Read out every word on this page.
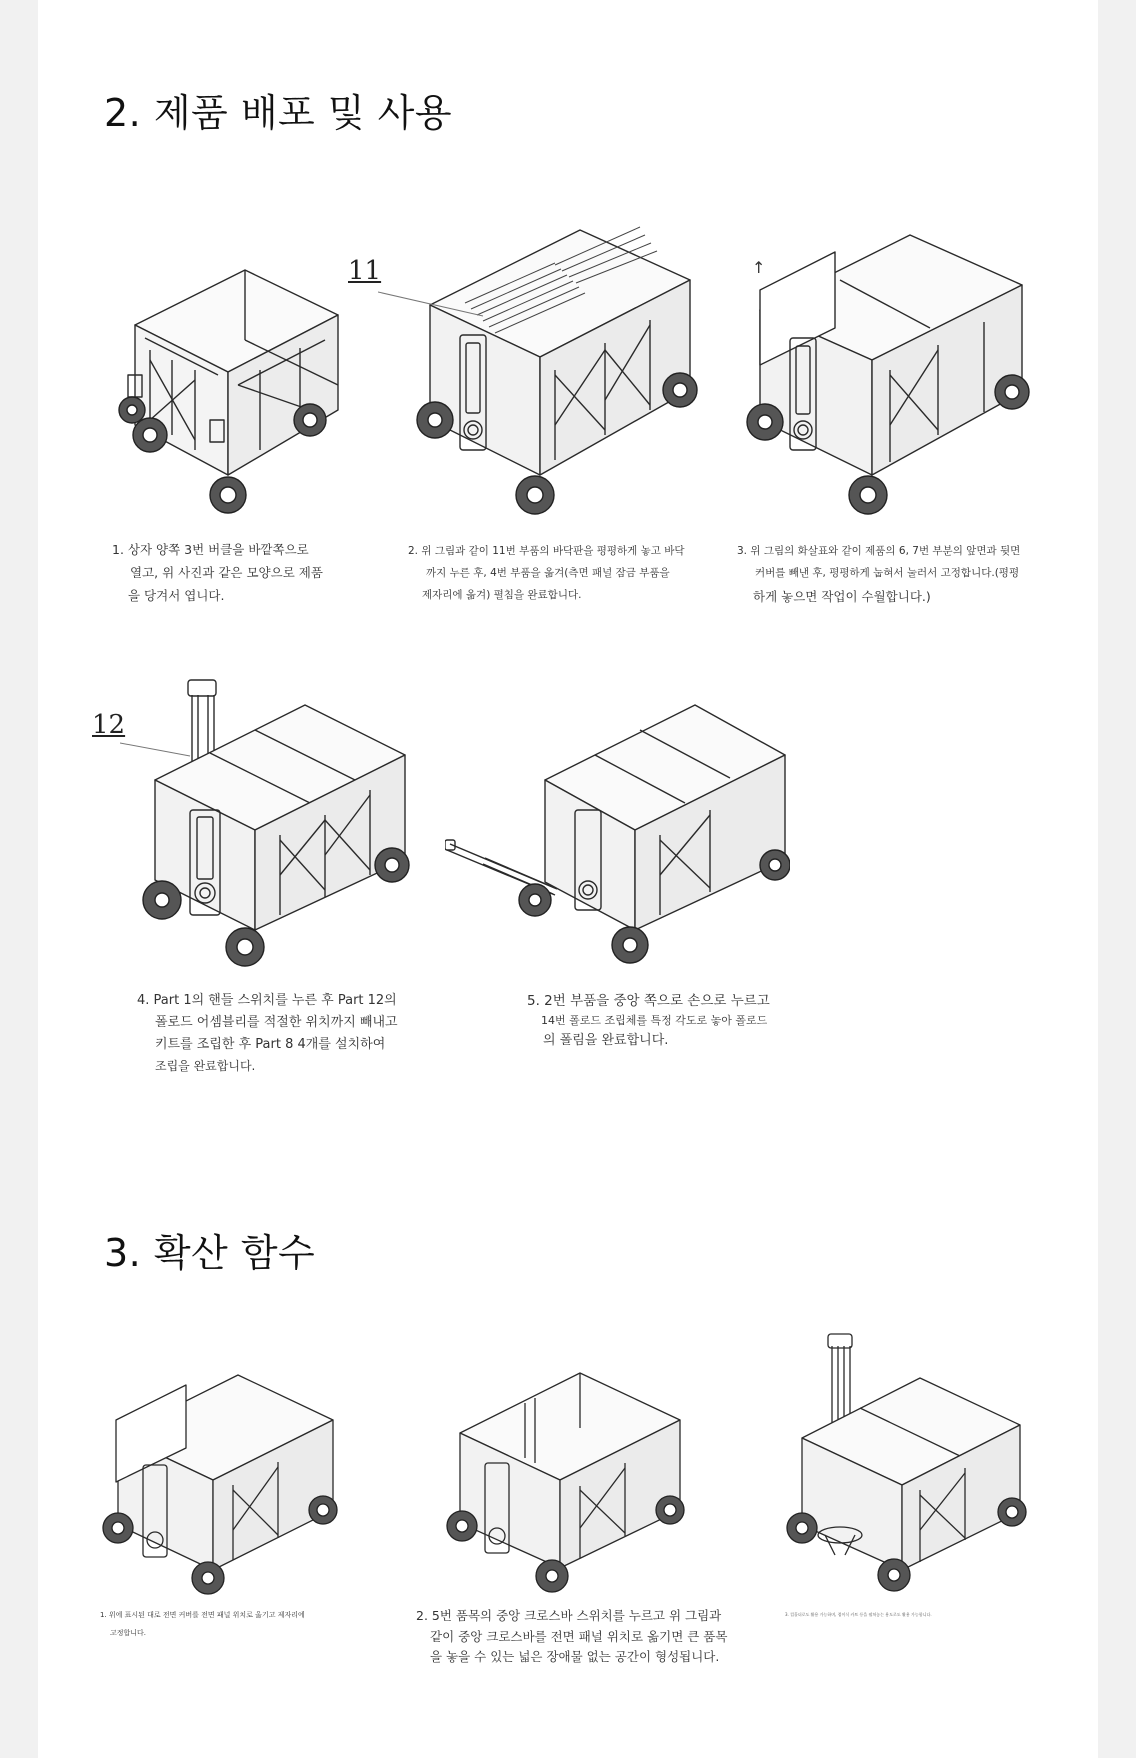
2. 제품 배포 및 사용
11	↑

1. 상자 양쪽 3번 버클을 바깥쪽으로
열고, 위 사진과 같은 모양으로 제품
을 당겨서 엽니다.

2. 위 그림과 같이 11번 부품의 바닥판을 평평하게 놓고 바닥
까지 누른 후, 4번 부품을 옮겨(측면 패널 잠금 부품을
제자리에 옮겨) 펼침을 완료합니다.

3. 위 그림의 화살표와 같이 제품의 6, 7번 부분의 앞면과 뒷면
커버를 빼낸 후, 평평하게 눕혀서 눌러서 고정합니다.(평평
하게 놓으면 작업이 수월합니다.)

12

4. Part 1의 핸들 스위치를 누른 후 Part 12의
폴로드 어셈블리를 적절한 위치까지 빼내고
키트를 조립한 후 Part 8 4개를 설치하여
조립을 완료합니다.

5. 2번 부품을 중앙 쪽으로 손으로 누르고
14번 폴로드 조립체를 특정 각도로 놓아 폴로드
의 폴림을 완료합니다.

3. 확산 함수

1. 위에 표시된 대로 전면 커버를 전면 패널 위치로 옮기고 제자리에
고정합니다.

2. 5번 품목의 중앙 크로스바 스위치를 누르고 위 그림과
같이 중앙 크로스바를 전면 패널 위치로 옮기면 큰 품목
을 놓을 수 있는 넓은 장애물 없는 공간이 형성됩니다.

3. 컵홀더로도 활용 가능하며, 접이식 카트 등을 펼쳐놓는 용도로도 활용 가능합니다.
